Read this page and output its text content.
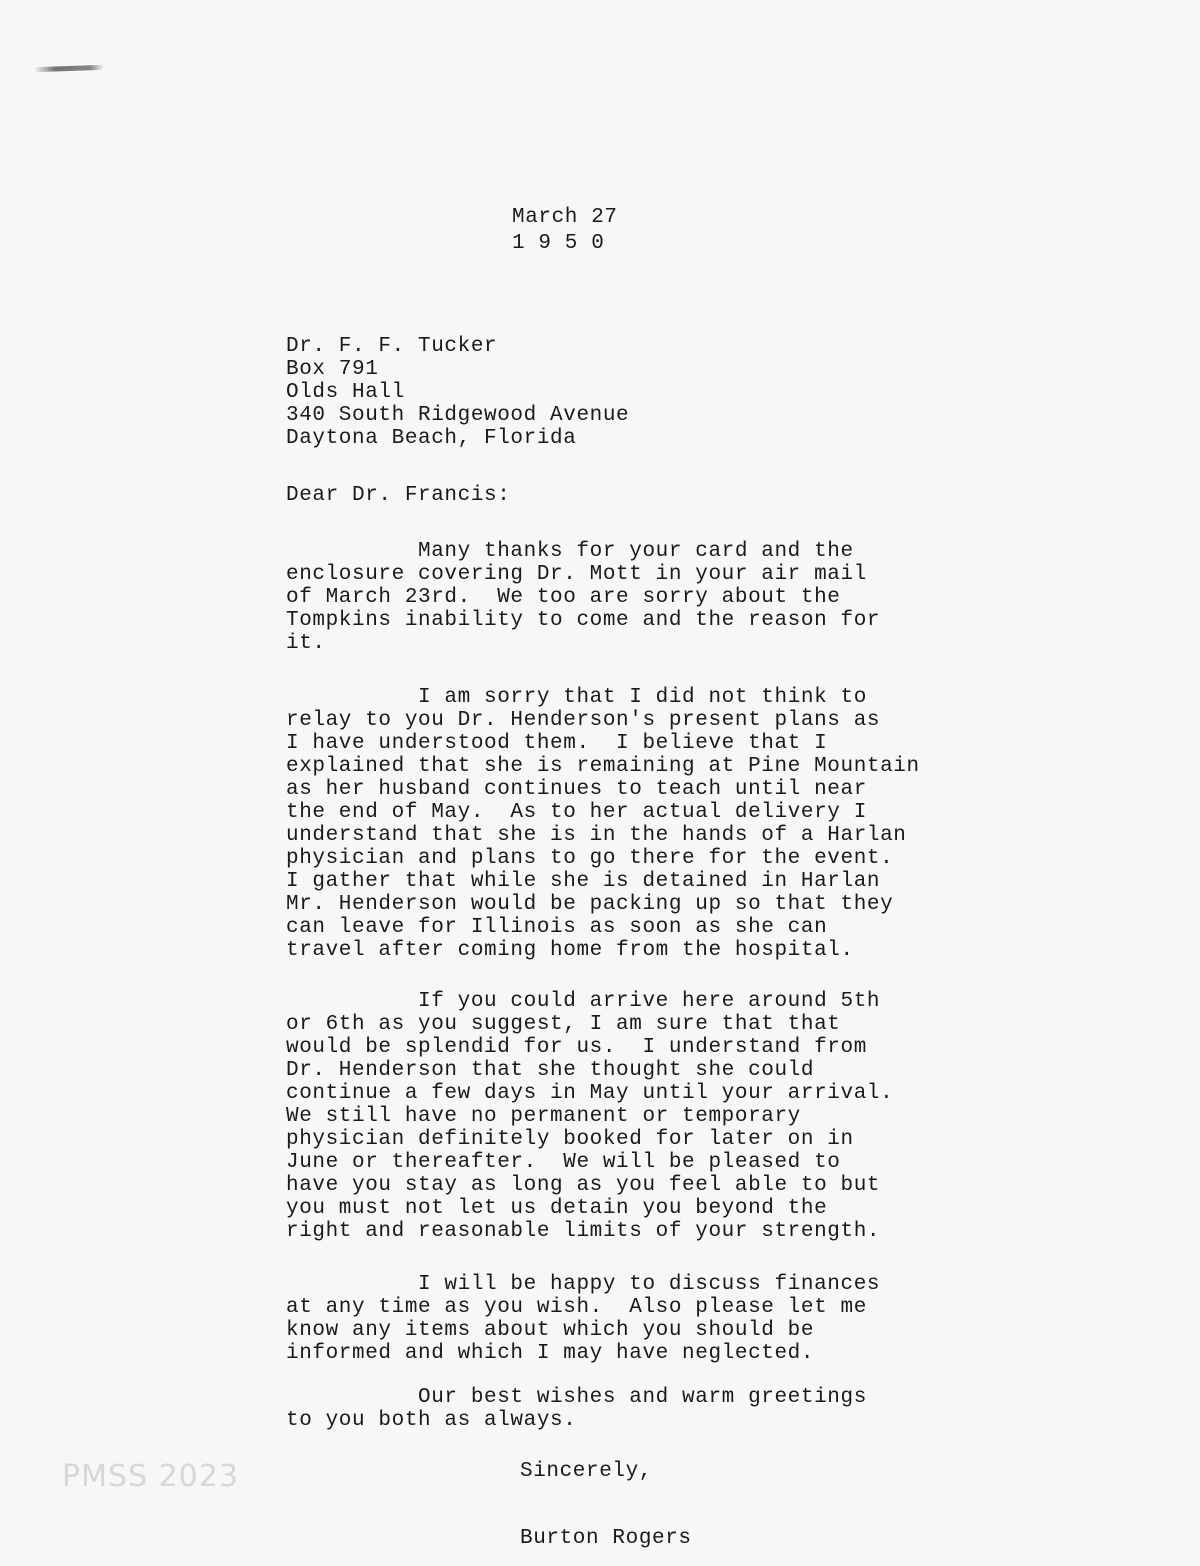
March 27

1 9 5 0

Dr. F. F. Tucker

Box 791

Olds Hall

340 South Ridgewood Avenue

Daytona Beach, Florida

Dear Dr. Francis:

Many thanks for your card and the

enclosure covering Dr. Mott in your air mail

of March 23rd.  We too are sorry about the

Tompkins inability to come and the reason for

it.

I am sorry that I did not think to

relay to you Dr. Henderson's present plans as

I have understood them.  I believe that I

explained that she is remaining at Pine Mountain

as her husband continues to teach until near

the end of May.  As to her actual delivery I

understand that she is in the hands of a Harlan

physician and plans to go there for the event.

I gather that while she is detained in Harlan

Mr. Henderson would be packing up so that they

can leave for Illinois as soon as she can

travel after coming home from the hospital.

If you could arrive here around 5th

or 6th as you suggest, I am sure that that

would be splendid for us.  I understand from

Dr. Henderson that she thought she could

continue a few days in May until your arrival.

We still have no permanent or temporary

physician definitely booked for later on in

June or thereafter.  We will be pleased to

have you stay as long as you feel able to but

you must not let us detain you beyond the

right and reasonable limits of your strength.

I will be happy to discuss finances

at any time as you wish.  Also please let me

know any items about which you should be

informed and which I may have neglected.

Our best wishes and warm greetings

to you both as always.

Sincerely,

Burton Rogers

PMSS 2023
